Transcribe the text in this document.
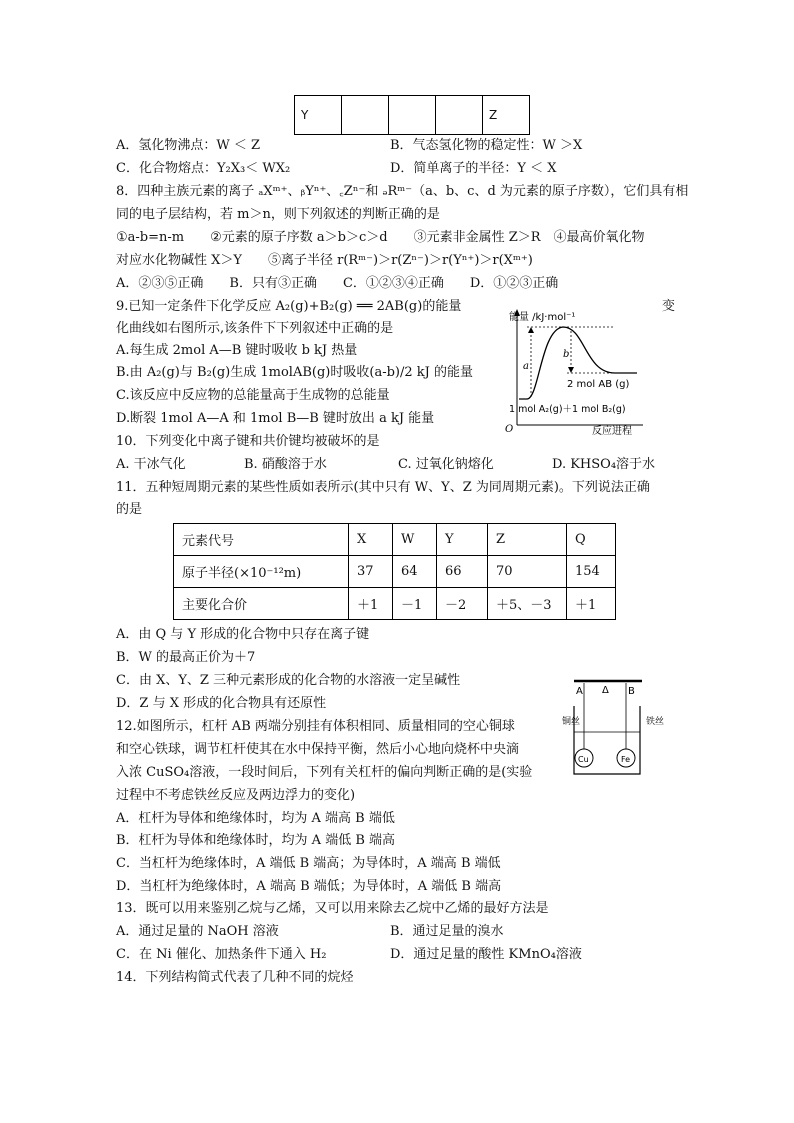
Y				Z
A．氢化物沸点：W ＜ Z	B．气态氢化物的稳定性：W ＞X
C．化合物熔点：Y₂X₃＜ WX₂	D．简单离子的半径：Y ＜ X
8．四种主族元素的离子 ₐXᵐ⁺、ᵦYⁿ⁺、꜀Zⁿ⁻和 ₔRᵐ⁻（a、b、c、d 为元素的原子序数），它们具有相
同的电子层结构，若 m＞n，则下列叙述的判断正确的是
①a-b=n-m　　②元素的原子序数 a＞b＞c＞d　　③元素非金属性 Z＞R　④最高价氧化物
对应水化物碱性 X＞Y　　⑤离子半径 r(Rᵐ⁻)＞r(Zⁿ⁻)＞r(Yⁿ⁺)＞r(Xᵐ⁺)
A．②③⑤正确　　B．只有③正确　　C．①②③④正确　　D．①②③正确
9.已知一定条件下化学反应 A₂(g)+B₂(g) ══ 2AB(g)的能量	变
化曲线如右图所示,该条件下下列叙述中正确的是
A.每生成 2mol A—B 键时吸收 b kJ 热量
B.由 A₂(g)与 B₂(g)生成 1molAB(g)时吸收(a-b)/2 kJ 的能量
C.该反应中反应物的总能量高于生成物的总能量
D.断裂 1mol A—A 和 1mol B—B 键时放出 a kJ 能量
能量 /kJ·mol⁻¹
O	反应进程
a
b
2 mol AB (g)
1 mol A₂(g)＋1 mol B₂(g)
10．下列变化中离子键和共价键均被破坏的是
A. 干冰气化	B. 硝酸溶于水	C. 过氧化钠熔化	D. KHSO₄溶于水
11．五种短周期元素的某些性质如表所示(其中只有 W、Y、Z 为同周期元素)。下列说法正确
的是
元素代号	X	W	Y	Z	Q
原子半径(×10⁻¹²m)	37	64	66	70	154
主要化合价	＋1	－1	－2	＋5、－3	＋1
A．由 Q 与 Y 形成的化合物中只存在离子键
B．W 的最高正价为＋7
C．由 X、Y、Z 三种元素形成的化合物的水溶液一定呈碱性
D．Z 与 X 形成的化合物具有还原性
12.如图所示，杠杆 AB 两端分别挂有体积相同、质量相同的空心铜球
和空心铁球，调节杠杆使其在水中保持平衡，然后小心地向烧杯中央滴
入浓 CuSO₄溶液，一段时间后，下列有关杠杆的偏向判断正确的是(实验
过程中不考虑铁丝反应及两边浮力的变化)
A Δ B
铜丝	铁丝
Cu	Fe
A．杠杆为导体和绝缘体时，均为 A 端高 B 端低
B．杠杆为导体和绝缘体时，均为 A 端低 B 端高
C．当杠杆为绝缘体时，A 端低 B 端高；为导体时，A 端高 B 端低
D．当杠杆为绝缘体时，A 端高 B 端低；为导体时，A 端低 B 端高
13．既可以用来鉴别乙烷与乙烯，又可以用来除去乙烷中乙烯的最好方法是
A．通过足量的 NaOH 溶液	B．通过足量的溴水
C．在 Ni 催化、加热条件下通入 H₂	D．通过足量的酸性 KMnO₄溶液
14．下列结构简式代表了几种不同的烷烃
